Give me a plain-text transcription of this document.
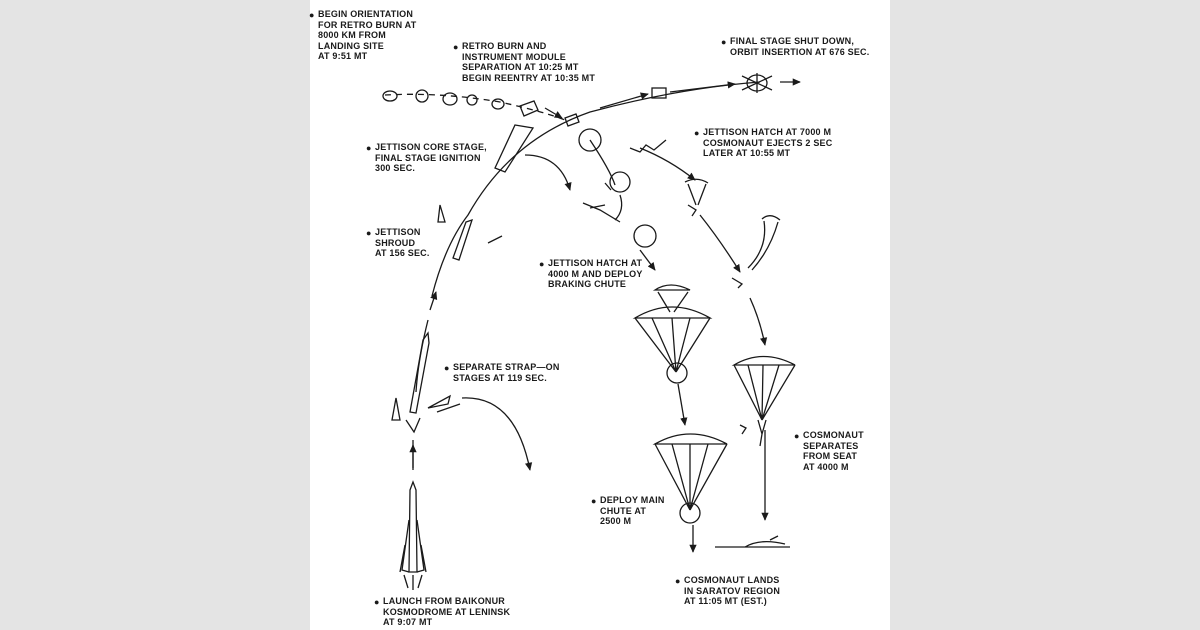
● BEGIN ORIENTATION
FOR RETRO BURN AT
8000 KM FROM
LANDING SITE
AT 9:51 MT
● RETRO BURN AND
INSTRUMENT MODULE
SEPARATION AT 10:25 MT
BEGIN REENTRY AT 10:35 MT
● FINAL STAGE SHUT DOWN,
ORBIT INSERTION AT 676 SEC.
● JETTISON CORE STAGE,
FINAL STAGE IGNITION
300 SEC.
● JETTISON HATCH AT 7000 M
COSMONAUT EJECTS 2 SEC
LATER AT 10:55 MT
● JETTISON
SHROUD
AT 156 SEC.
● JETTISON HATCH AT
4000 M AND DEPLOY
BRAKING CHUTE
● SEPARATE STRAP—ON
STAGES AT 119 SEC.
● COSMONAUT
SEPARATES
FROM SEAT
AT 4000 M
● DEPLOY MAIN
CHUTE AT
2500 M
● LAUNCH FROM BAIKONUR
KOSMODROME AT LENINSK
AT 9:07 MT
● COSMONAUT LANDS
IN SARATOV REGION
AT 11:05 MT (EST.)
